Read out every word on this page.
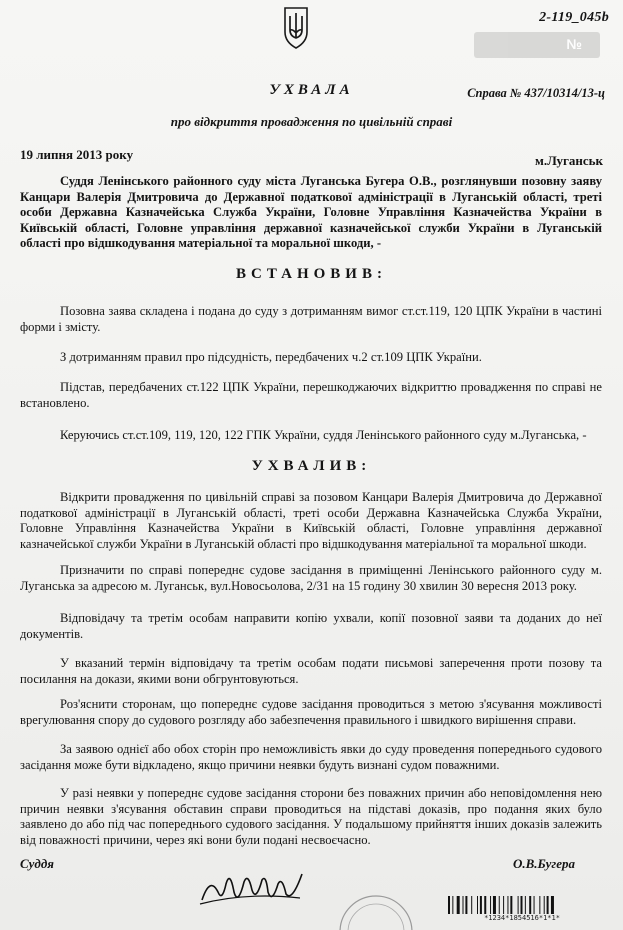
2-119_045b
№
УХВАЛА	Справа № 437/10314/13-ц
про відкриття провадження по цивільній справі
19 липня 2013 року	м.Луганськ
Суддя Ленінського районного суду міста Луганська Бугера О.В., розглянувши позовну заяву Канцари Валерія Дмитровича до Державної податкової адміністрації в Луганській області, треті особи Державна Казначейська Служба України, Головне Управління Казначейства України в Київській області, Головне управління державної казначейської служби України в Луганській області про відшкодування матеріальної та моральної шкоди, -
ВСТАНОВИВ:
Позовна заява складена і подана до суду з дотриманням вимог ст.ст.119, 120 ЦПК України в частині форми і змісту.
З дотриманням правил про підсудність, передбачених ч.2 ст.109 ЦПК України.
Підстав, передбачених ст.122 ЦПК України, перешкоджаючих відкриттю провадження по справі не встановлено.
Керуючись ст.ст.109, 119, 120, 122 ГПК України, суддя Ленінського районного суду м.Луганська, -
УХВАЛИВ:
Відкрити провадження по цивільній справі за позовом Канцари Валерія Дмитровича до Державної податкової адміністрації в Луганській області, треті особи Державна Казначейська Служба України, Головне Управління Казначейства України в Київській області, Головне управління державної казначейської служби України в Луганській області про відшкодування матеріальної та моральної шкоди.
Призначити по справі попереднє судове засідання в приміщенні Ленінського районного суду м. Луганська за адресою м. Луганськ, вул.Новосьолова, 2/31 на 15 годину 30 хвилин 30 вересня 2013 року.
Відповідачу та третім особам направити копію ухвали, копії позовної заяви та доданих до неї документів.
У вказаний термін відповідачу та третім особам подати письмові заперечення проти позову та посилання на докази, якими вони обгрунтовуються.
Роз'яснити сторонам, що попереднє судове засідання проводиться з метою з'ясування можливості врегулювання спору до судового розгляду або забезпечення правильного і швидкого вирішення справи.
За заявою однієї або обох сторін про неможливість явки до суду проведення попереднього судового засідання може бути відкладено, якщо причини неявки будуть визнані судом поважними.
У разі неявки у попереднє судове засідання сторони без поважних причин або неповідомлення нею причин неявки з'ясування обставин справи проводиться на підставі доказів, про подання яких було заявлено до або під час попереднього судового засідання. У подальшому прийняття інших доказів залежить від поважності причини, через які вони були подані несвоєчасно.
Суддя	О.В.Бугера
*1234*1854516*1*1*
